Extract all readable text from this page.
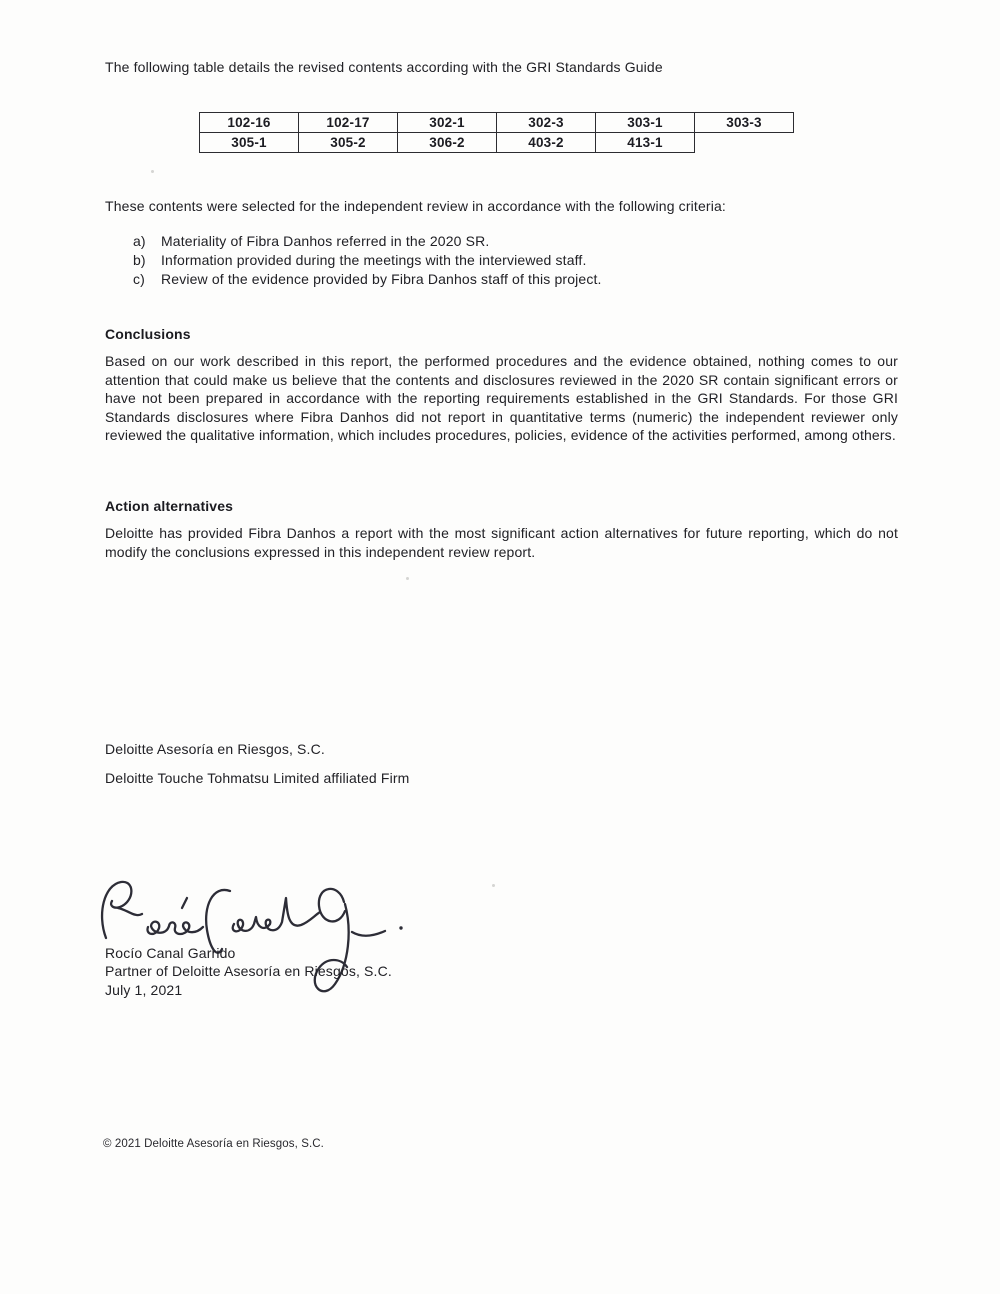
The following table details the revised contents according with the GRI Standards Guide

102-16	102-17	302-1	302-3	303-1	303-3
305-1	305-2	306-2	403-2	413-1	

These contents were selected for the independent review in accordance with the following criteria:

a)	Materiality of Fibra Danhos referred in the 2020 SR.
b)	Information provided during the meetings with the interviewed staff.
c)	Review of the evidence provided by Fibra Danhos staff of this project.
Conclusions

Based on our work described in this report, the performed procedures and the evidence obtained, nothing comes to our attention that could make us believe that the contents and disclosures reviewed in the 2020 SR contain significant errors or have not been prepared in accordance with the reporting requirements established in the GRI Standards. For those GRI Standards disclosures where Fibra Danhos did not report in quantitative terms (numeric) the independent reviewer only reviewed the qualitative information, which includes procedures, policies, evidence of the activities performed, among others.

Action alternatives

Deloitte has provided Fibra Danhos a report with the most significant action alternatives for future reporting, which do not modify the conclusions expressed in this independent review report.

Deloitte Asesoría en Riesgos, S.C.

Deloitte Touche Tohmatsu Limited affiliated Firm

Rocío Canal Garrido

Partner of Deloitte Asesoría en Riesgos, S.C.

July 1, 2021

© 2021 Deloitte Asesoría en Riesgos, S.C.
